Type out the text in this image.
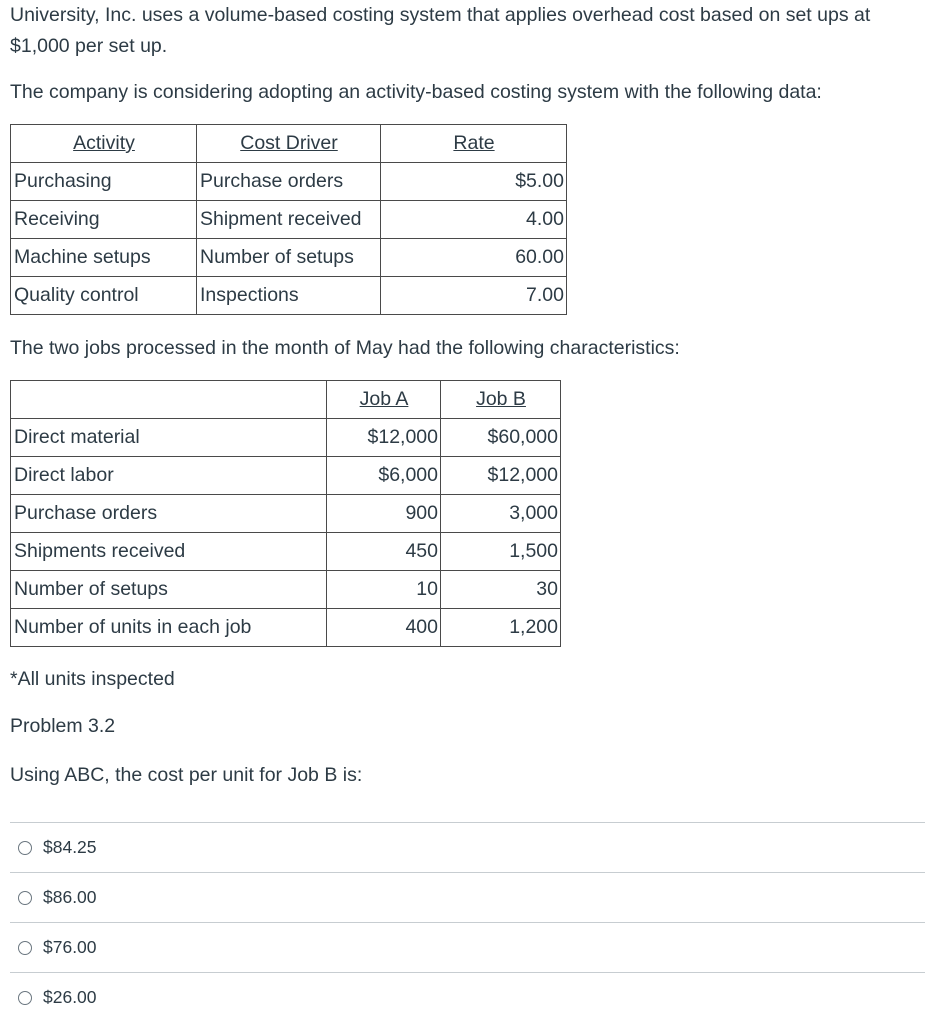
University, Inc. uses a volume-based costing system that applies overhead cost based on set ups at $1,000 per set up.

The company is considering adopting an activity-based costing system with the following data:

Activity	Cost Driver	Rate
Purchasing	Purchase orders	$5.00
Receiving	Shipment received	4.00
Machine setups	Number of setups	60.00
Quality control	Inspections	7.00

The two jobs processed in the month of May had the following characteristics:

	Job A	Job B
Direct material	$12,000	$60,000
Direct labor	$6,000	$12,000
Purchase orders	900	3,000
Shipments received	450	1,500
Number of setups	10	30
Number of units in each job	400	1,200

*All units inspected

Problem 3.2

Using ABC, the cost per unit for Job B is:

$84.25
$86.00
$76.00
$26.00
